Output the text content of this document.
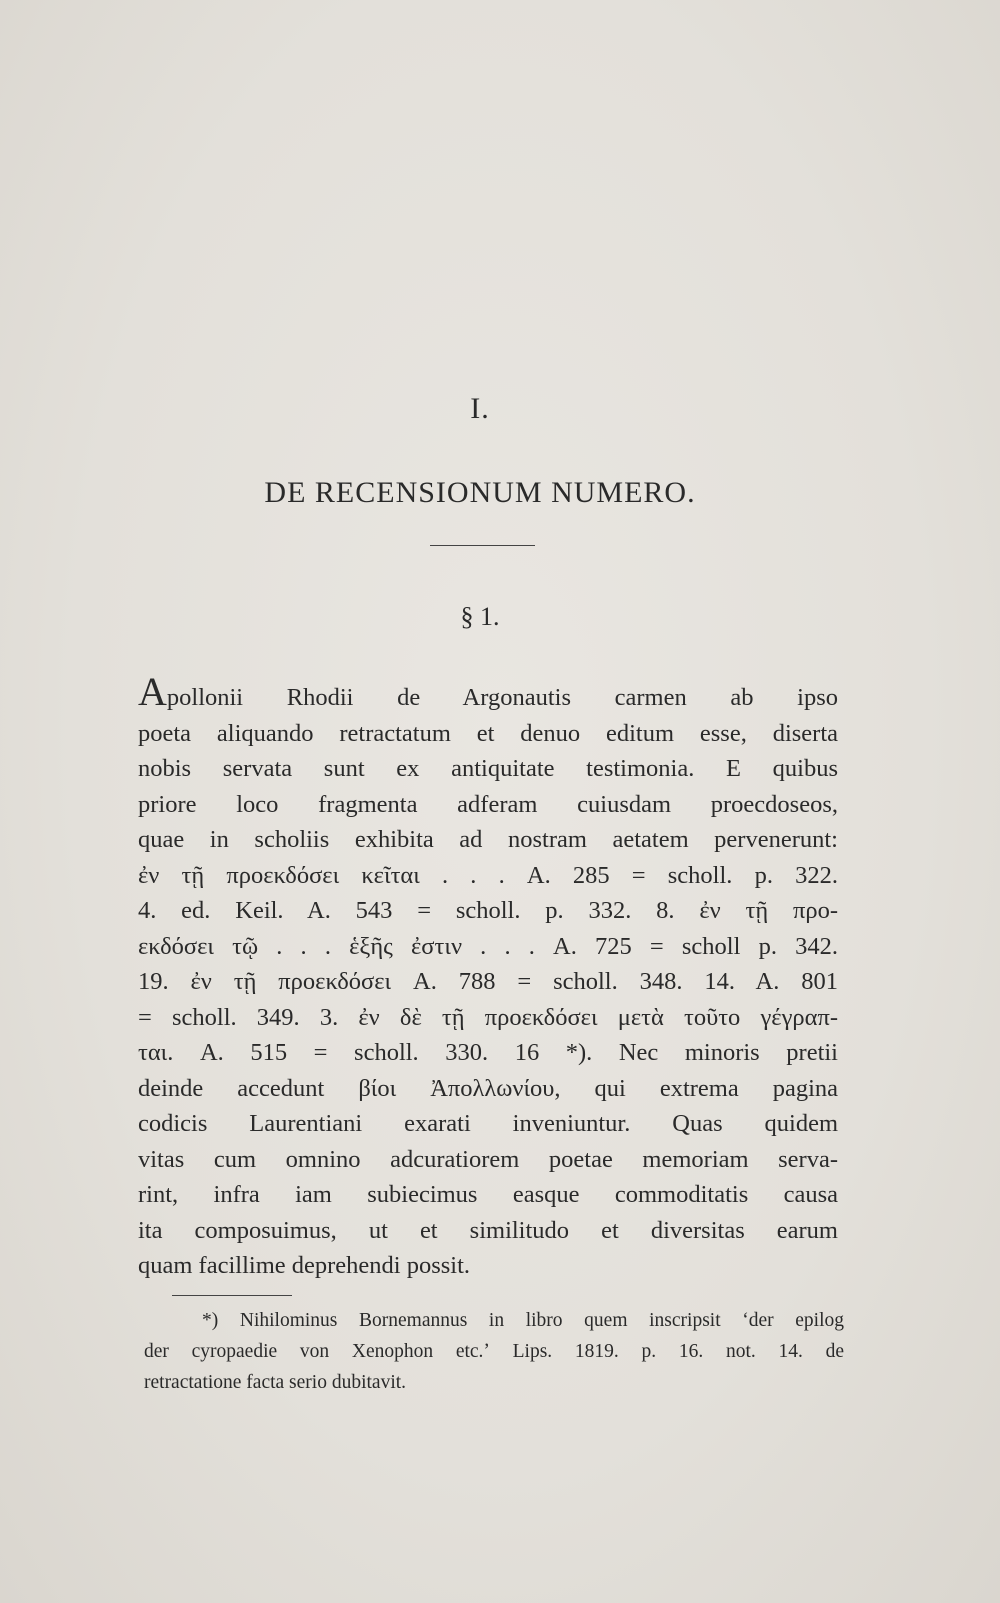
I.
DE RECENSIONUM NUMERO.
§ 1.
Apollonii Rhodii de Argonautis carmen ab ipso
poeta aliquando retractatum et denuo editum esse, diserta
nobis servata sunt ex antiquitate testimonia. E quibus
priore loco fragmenta adferam cuiusdam proecdoseos,
quae in scholiis exhibita ad nostram aetatem pervenerunt:
ἐν τῇ προεκδόσει κεῖται . . . A. 285 = scholl. p. 322.
4. ed. Keil. A. 543 = scholl. p. 332. 8. ἐν τῇ προ-
εκδόσει τῷ . . . ἑξῆς ἐστιν . . . A. 725 = scholl p. 342.
19. ἐν τῇ προεκδόσει A. 788 = scholl. 348. 14. A. 801
= scholl. 349. 3. ἐν δὲ τῇ προεκδόσει μετὰ τοῦτο γέγραπ-
ται. A. 515 = scholl. 330. 16 *). Nec minoris pretii
deinde accedunt βίοι Ἀπολλωνίου, qui extrema pagina
codicis Laurentiani exarati inveniuntur. Quas quidem
vitas cum omnino adcuratiorem poetae memoriam serva-
rint, infra iam subiecimus easque commoditatis causa
ita composuimus, ut et similitudo et diversitas earum
quam facillime deprehendi possit.
*) Nihilominus Bornemannus in libro quem inscripsit ʻder epilog
der cyropaedie von Xenophon etc.ʼ Lips. 1819. p. 16. not. 14. de
retractatione facta serio dubitavit.
